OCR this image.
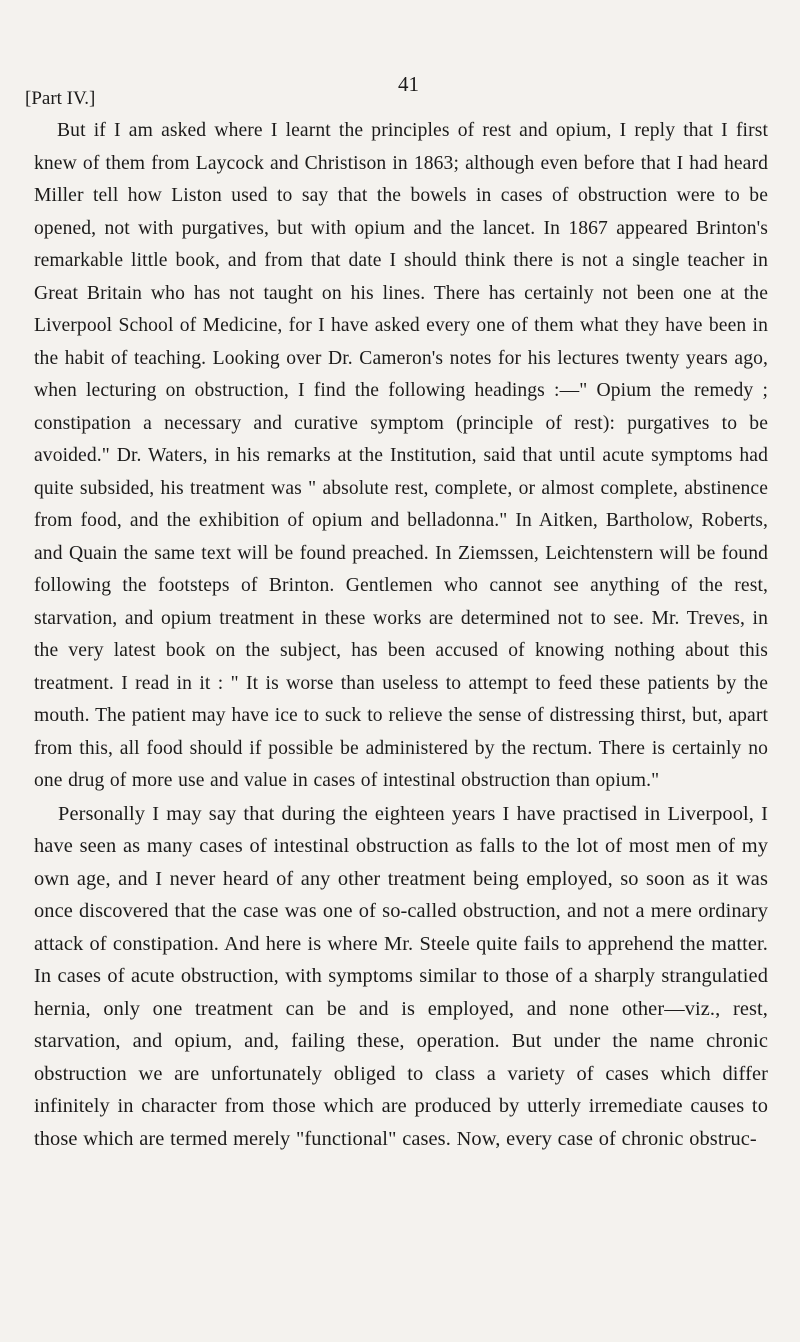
[Part IV.]
41

But if I am asked where I learnt the principles of rest and opium, I reply that I first knew of them from Laycock and Christison in 1863; although even before that I had heard Miller tell how Liston used to say that the bowels in cases of obstruction were to be opened, not with purgatives, but with opium and the lancet. In 1867 appeared Brinton's remarkable little book, and from that date I should think there is not a single teacher in Great Britain who has not taught on his lines. There has certainly not been one at the Liverpool School of Medicine, for I have asked every one of them what they have been in the habit of teaching. Looking over Dr. Cameron's notes for his lectures twenty years ago, when lecturing on obstruction, I find the following headings :—" Opium the remedy ; constipation a necessary and curative symptom (principle of rest): purgatives to be avoided." Dr. Waters, in his remarks at the Institution, said that until acute symptoms had quite subsided, his treatment was " absolute rest, complete, or almost complete, abstinence from food, and the exhibition of opium and belladonna." In Aitken, Bartholow, Roberts, and Quain the same text will be found preached. In Ziemssen, Leichtenstern will be found following the footsteps of Brinton. Gentlemen who cannot see anything of the rest, starvation, and opium treatment in these works are determined not to see. Mr. Treves, in the very latest book on the subject, has been accused of knowing nothing about this treatment. I read in it : " It is worse than useless to attempt to feed these patients by the mouth. The patient may have ice to suck to relieve the sense of distressing thirst, but, apart from this, all food should if possible be administered by the rectum. There is certainly no one drug of more use and value in cases of intestinal obstruction than opium."

Personally I may say that during the eighteen years I have practised in Liverpool, I have seen as many cases of intestinal obstruction as falls to the lot of most men of my own age, and I never heard of any other treatment being employed, so soon as it was once discovered that the case was one of so-called obstruction, and not a mere ordinary attack of constipation. And here is where Mr. Steele quite fails to apprehend the matter. In cases of acute obstruction, with symptoms similar to those of a sharply strangulatied hernia, only one treatment can be and is employed, and none other—viz., rest, starvation, and opium, and, failing these, operation. But under the name chronic obstruction we are unfortunately obliged to class a variety of cases which differ infinitely in character from those which are produced by utterly irremediate causes to those which are termed merely "functional" cases. Now, every case of chronic obstruc-
